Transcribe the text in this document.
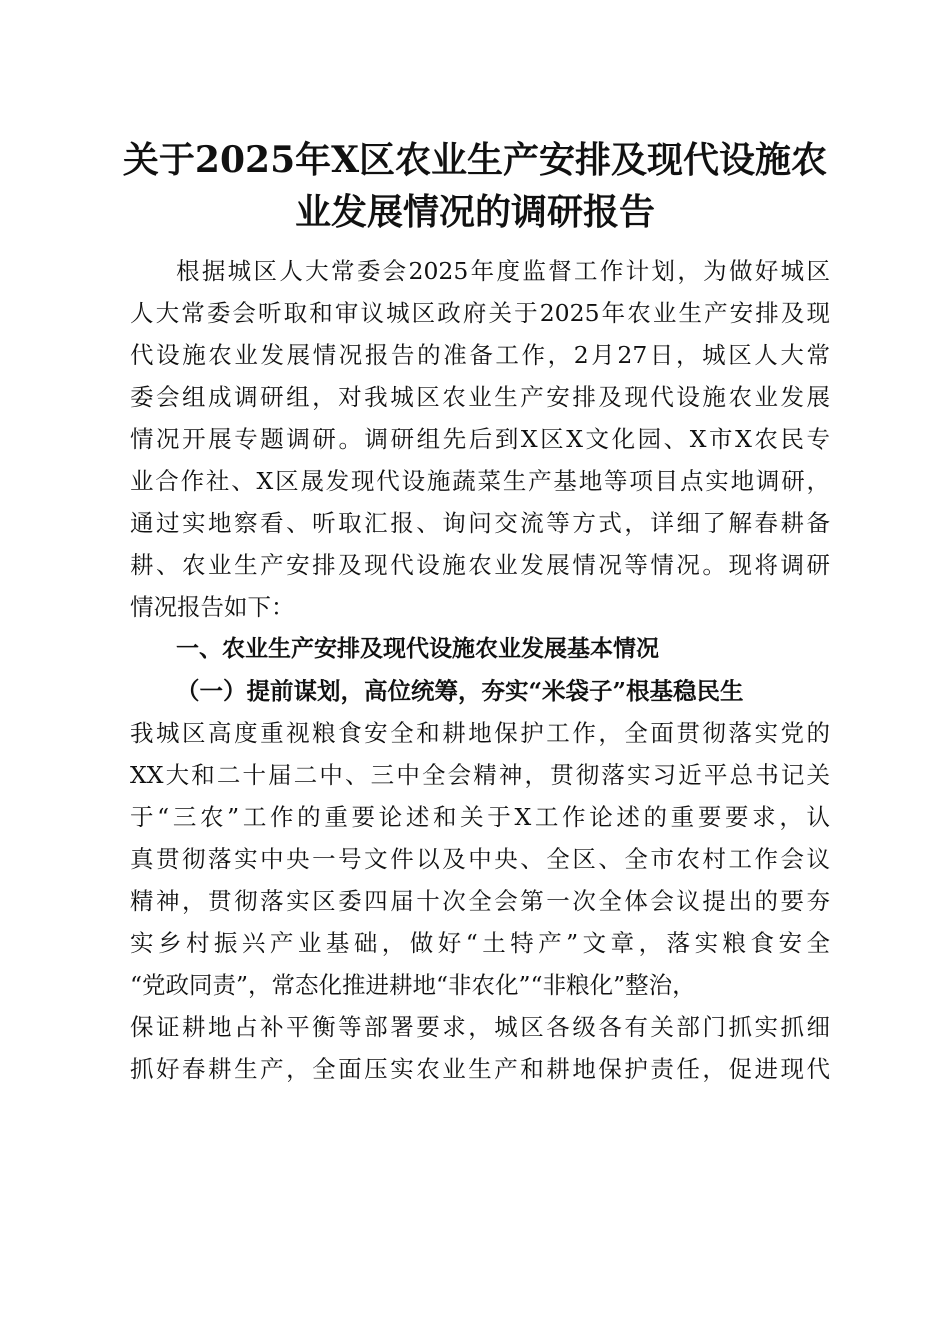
关于2025年X区农业生产安排及现代设施农
业发展情况的调研报告
根据城区人大常委会2025年度监督工作计划，为做好城区
人大常委会听取和审议城区政府关于2025年农业生产安排及现
代设施农业发展情况报告的准备工作，2月27日，城区人大常
委会组成调研组，对我城区农业生产安排及现代设施农业发展
情况开展专题调研。调研组先后到X区X文化园、X市X农民专
业合作社、X区晟发现代设施蔬菜生产基地等项目点实地调研，
通过实地察看、听取汇报、询问交流等方式，详细了解春耕备
耕、农业生产安排及现代设施农业发展情况等情况。现将调研
情况报告如下：
一、农业生产安排及现代设施农业发展基本情况
（一）提前谋划，高位统筹，夯实“米袋子”根基稳民生
我城区高度重视粮食安全和耕地保护工作，全面贯彻落实党的
XX大和二十届二中、三中全会精神，贯彻落实习近平总书记关
于“三农”工作的重要论述和关于X工作论述的重要要求，认
真贯彻落实中央一号文件以及中央、全区、全市农村工作会议
精神，贯彻落实区委四届十次全会第一次全体会议提出的要夯
实乡村振兴产业基础，做好“土特产”文章，落实粮食安全
“党政同责”，常态化推进耕地“非农化”“非粮化”整治，
保证耕地占补平衡等部署要求，城区各级各有关部门抓实抓细
抓好春耕生产，全面压实农业生产和耕地保护责任，促进现代
